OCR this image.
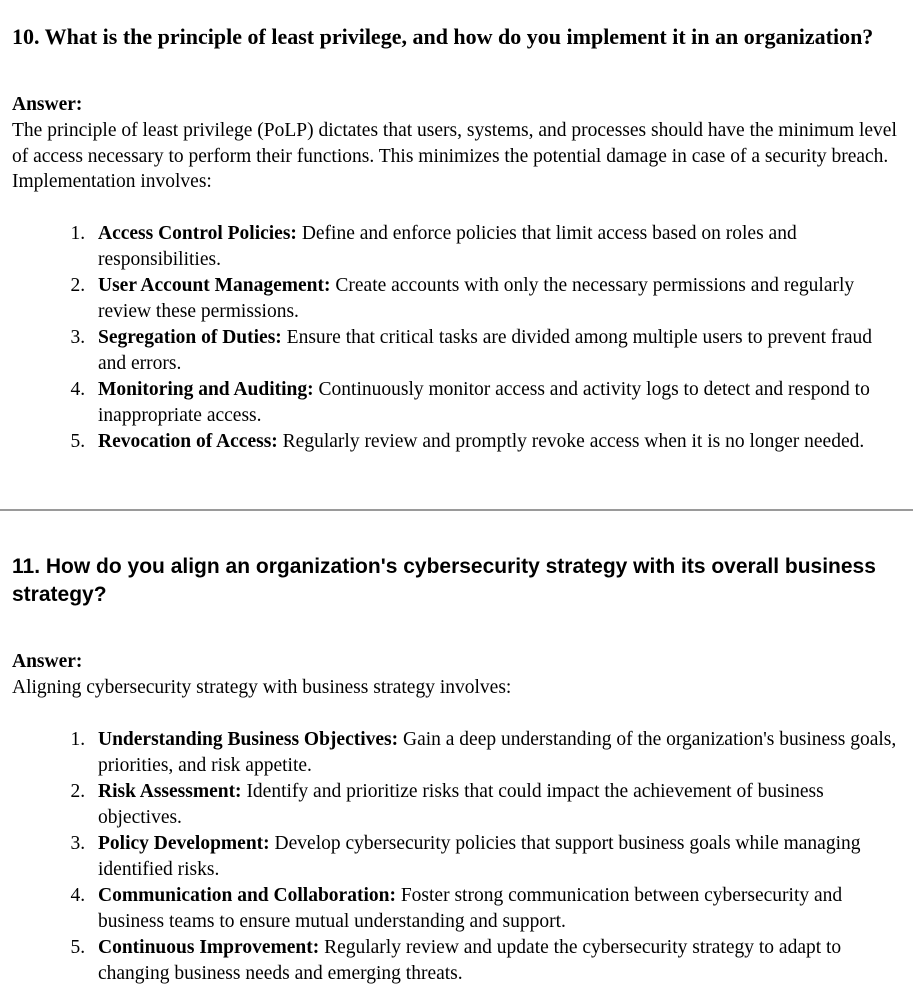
10. What is the principle of least privilege, and how do you implement it in an organization?
Answer:

The principle of least privilege (PoLP) dictates that users, systems, and processes should have the minimum level of access necessary to perform their functions. This minimizes the potential damage in case of a security breach. Implementation involves:

1. Access Control Policies: Define and enforce policies that limit access based on roles and responsibilities.
2. User Account Management: Create accounts with only the necessary permissions and regularly review these permissions.
3. Segregation of Duties: Ensure that critical tasks are divided among multiple users to prevent fraud and errors.
4. Monitoring and Auditing: Continuously monitor access and activity logs to detect and respond to inappropriate access.
5. Revocation of Access: Regularly review and promptly revoke access when it is no longer needed.
11. How do you align an organization's cybersecurity strategy with its overall business strategy?
Answer:

Aligning cybersecurity strategy with business strategy involves:

1. Understanding Business Objectives: Gain a deep understanding of the organization's business goals, priorities, and risk appetite.
2. Risk Assessment: Identify and prioritize risks that could impact the achievement of business objectives.
3. Policy Development: Develop cybersecurity policies that support business goals while managing identified risks.
4. Communication and Collaboration: Foster strong communication between cybersecurity and business teams to ensure mutual understanding and support.
5. Continuous Improvement: Regularly review and update the cybersecurity strategy to adapt to changing business needs and emerging threats.
